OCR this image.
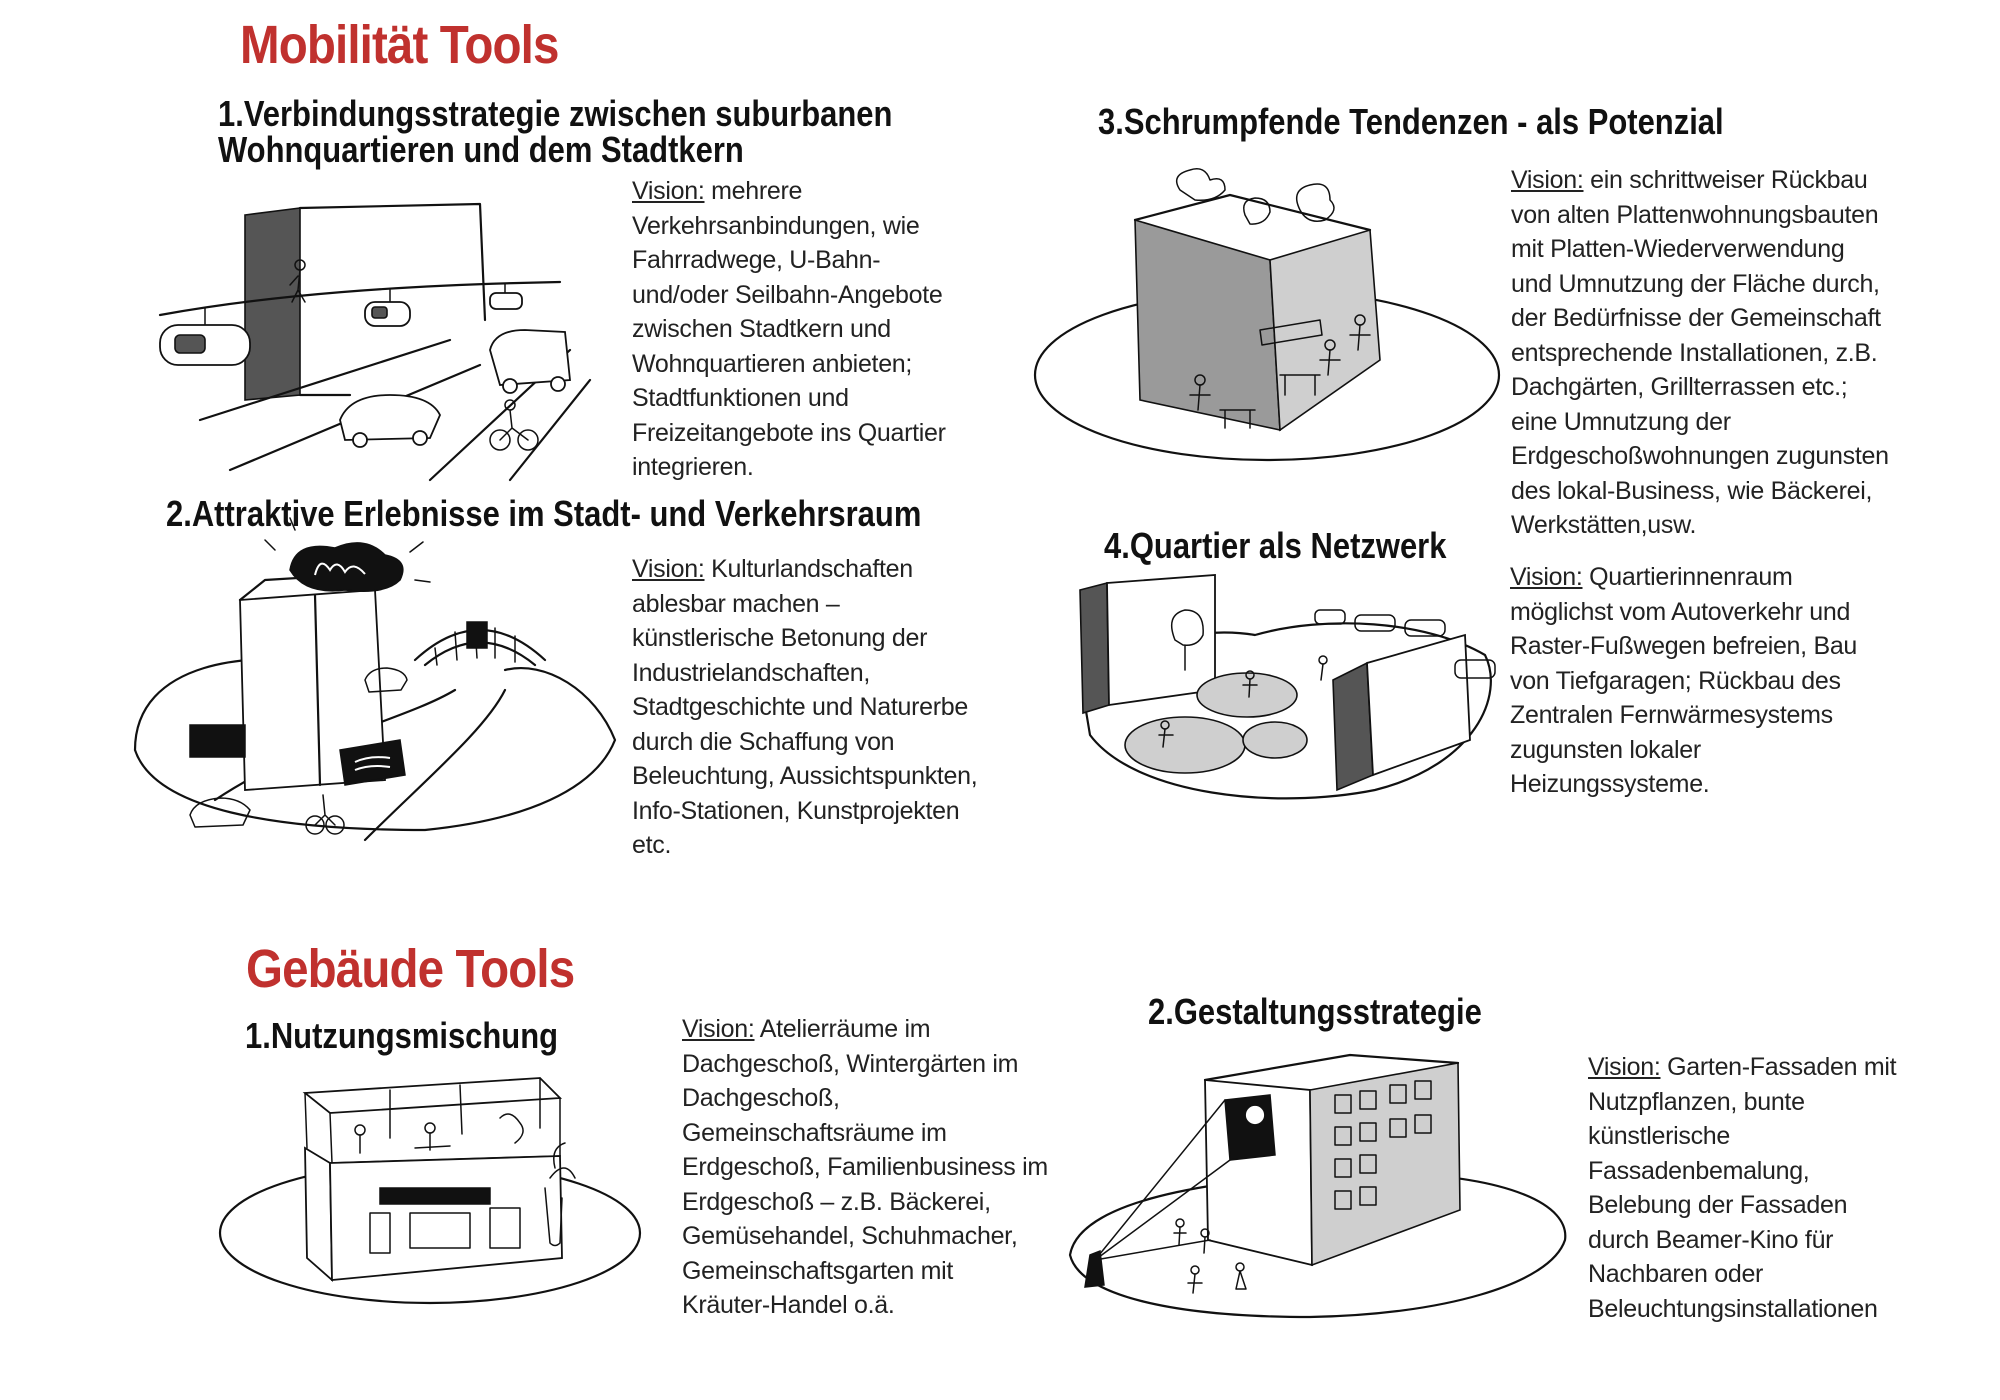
Mobilität Tools
Gebäude Tools
1.Verbindungsstrategie zwischen suburbanen
Wohnquartieren und dem Stadtkern
Vision: mehrere
Verkehrsanbindungen, wie
Fahrradwege, U-Bahn-
und/oder Seilbahn-Angebote
zwischen Stadtkern und
Wohnquartieren anbieten;
Stadtfunktionen und
Freizeitangebote ins Quartier
integrieren.
2.Attraktive Erlebnisse im Stadt- und Verkehrsraum
Vision: Kulturlandschaften
ablesbar machen –
künstlerische Betonung der
Industrielandschaften,
Stadtgeschichte und Naturerbe
durch die Schaffung von
Beleuchtung, Aussichtspunkten,
Info-Stationen, Kunstprojekten
etc.
3.Schrumpfende Tendenzen - als Potenzial
Vision: ein schrittweiser Rückbau
von alten Plattenwohnungsbauten
mit Platten-Wiederverwendung
und Umnutzung der Fläche durch,
der Bedürfnisse der Gemeinschaft
entsprechende Installationen, z.B.
Dachgärten, Grillterrassen etc.;
eine Umnutzung der
Erdgeschoßwohnungen zugunsten
des lokal-Business, wie Bäckerei,
Werkstätten,usw.
4.Quartier als Netzwerk
Vision: Quartierinnenraum
möglichst vom Autoverkehr und
Raster-Fußwegen befreien, Bau
von Tiefgaragen; Rückbau des
Zentralen Fernwärmesystems
zugunsten lokaler
Heizungssysteme.
1.Nutzungsmischung	Vision: Atelierräume im
Dachgeschoß, Wintergärten im
Dachgeschoß,
Gemeinschaftsräume im
Erdgeschoß, Familienbusiness im
Erdgeschoß – z.B. Bäckerei,
Gemüsehandel, Schuhmacher,
Gemeinschaftsgarten mit
Kräuter-Handel o.ä.
2.Gestaltungsstrategie
Vision: Garten-Fassaden mit
Nutzpflanzen, bunte
künstlerische
Fassadenbemalung,
Belebung der Fassaden
durch Beamer-Kino für
Nachbaren oder
Beleuchtungsinstallationen
